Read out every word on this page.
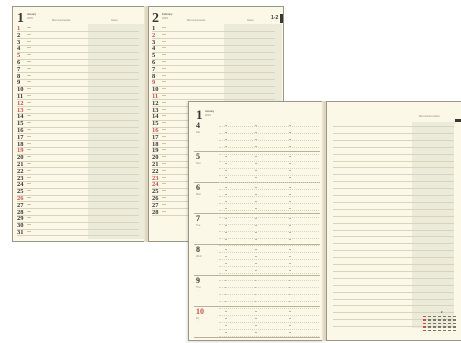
1 January
2025
Memo/schedule	Notes
1
2
3
4
5
6
7
8
9
10
11
12
13
14
15
16
17
18
19
20
21
22
23
24
25
26
27
28
29
30
31
2 February
2025
Memo/schedule	Notes	1-2
1
2
3
4
5
6
7
8
9
10
11
12
13
14
15
16
17
18
19
20
21
22
23
24
25
26
27
28
1 January
2025
4
Sat
· · ·
5
Sun
· · ·
6
Mon
· · ·
7
Tue
· · ·
8
Wed
· · ·
9
Thu
· · ·
10
Fri
· · ·
Memo/Information
2
